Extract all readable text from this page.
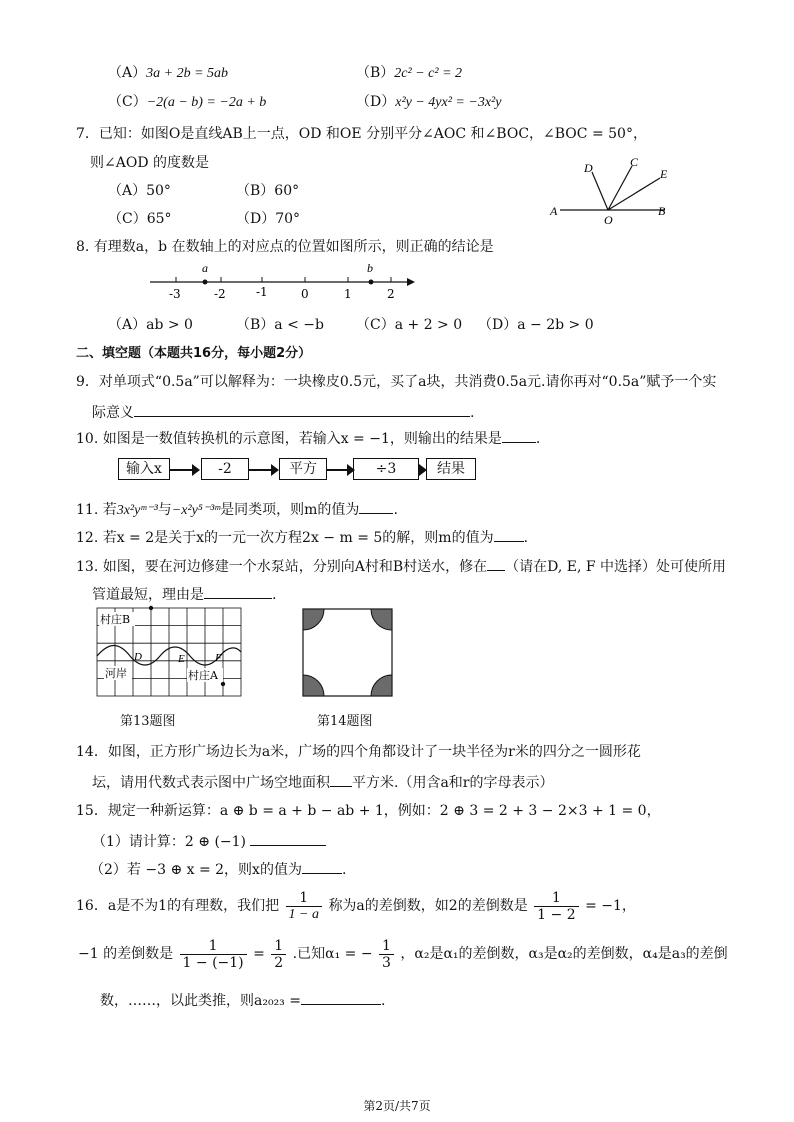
（A）3a + 2b = 5ab	（B）2c² − c² = 2
（C）−2(a − b) = −2a + b	（D）x²y − 4yx² = −3x²y
7．已知：如图O是直线AB上一点，OD 和OE 分别平分∠AOC 和∠BOC，∠BOC = 50°，
则∠AOD 的度数是
（A）50°	（B）60°
（C）65°	（D）70°	A
O
B
D	C
E
8. 有理数a，b 在数轴上的对应点的位置如图所示，则正确的结论是
-3	-2	-1	0	1	2
a	b
（A）ab > 0	（B）a < −b （C）a + 2 > 0 （D）a − 2b > 0
二、填空题（本题共16分，每小题2分）
9．对单项式“0.5a”可以解释为：一块橡皮0.5元，买了a块，共消费0.5a元.请你再对“0.5a”赋予一个实
际意义	.
10. 如图是一数值转换机的示意图，若输入x = −1，则输出的结果是 .
输入x	-2	平方	÷3	结果
11. 若3x²yᵐ⁻³与−x²y⁵⁻³ᵐ是同类项，则m的值为 .
12. 若x = 2是关于x的一元一次方程2x − m = 5的解，则m的值为 .
13. 如图，要在河边修建一个水泵站，分别向A村和B村送水，修在 （请在D, E, F 中选择）处可使所用
管道最短，理由是	.
村庄B
D	E	F
河岸	村庄A
第13题图	第14题图
14．如图，正方形广场边长为a米，广场的四个角都设计了一块半径为r米的四分之一圆形花
坛，请用代数式表示图中广场空地面积 平方米.（用含a和r的字母表示）
15．规定一种新运算：a ⊕ b = a + b − ab + 1，例如：2 ⊕ 3 = 2 + 3 − 2×3 + 1 = 0，
（1）请计算：2 ⊕ (−1)
（2）若 −3 ⊕ x = 2，则x的值为	.
16．a是不为1的有理数，我们把 $\frac{1}{1 - a}$ 称为a的差倒数，如2的差倒数是 $\frac{1}{1 - 2} = -1$，
−1 的差倒数是 $\frac{1}{1 - (-1)} = \frac{1}{2}$ .已知α₁ = − $\frac{1}{3}$ ，α₂是α₁的差倒数，α₃是α₂的差倒数，α₄是a₃的差倒
数，……，以此类推，则a₂₀₂₃ =	.
第2页/共7页
